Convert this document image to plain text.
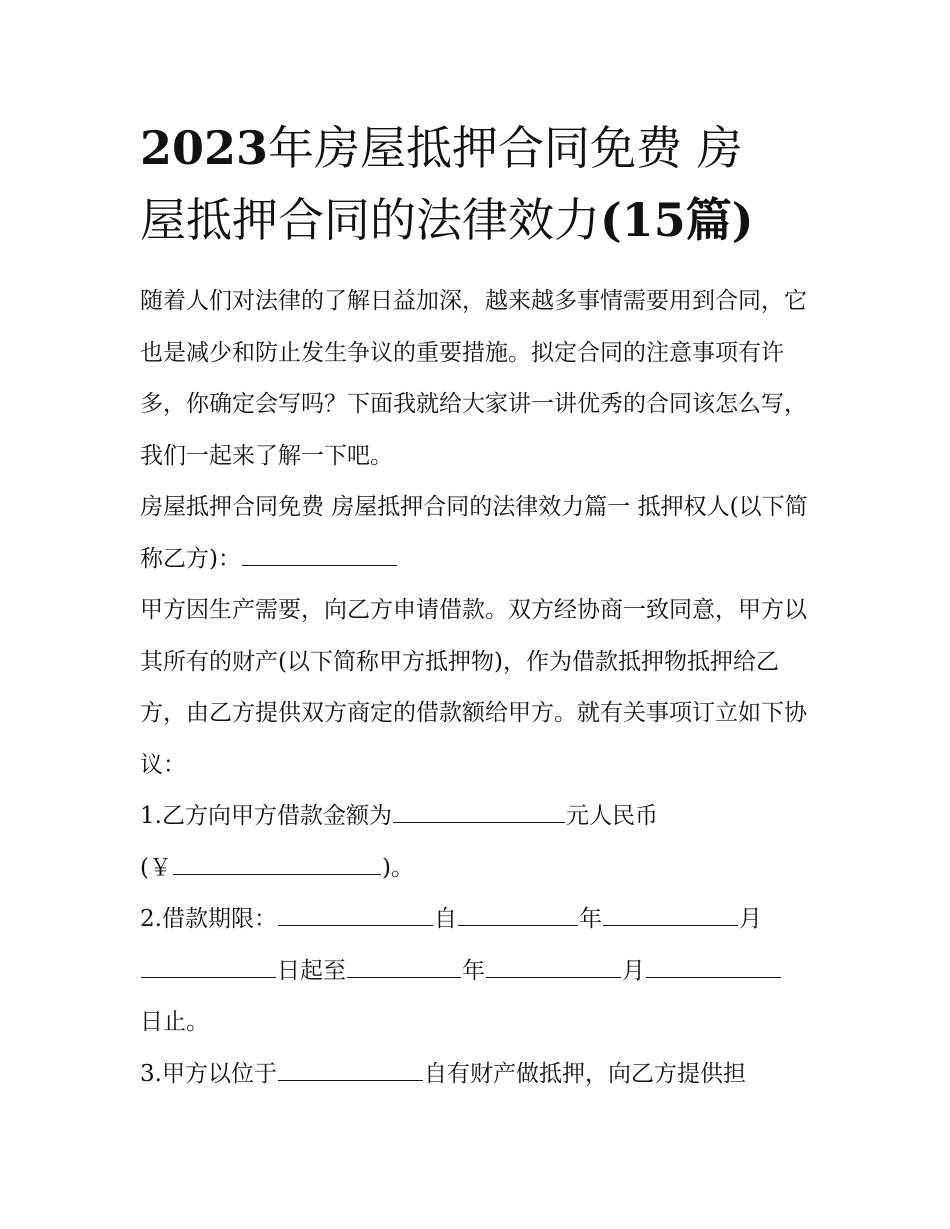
2023年房屋抵押合同免费 房
屋抵押合同的法律效力(15篇)

随着人们对法律的了解日益加深，越来越多事情需要用到合同，它也是减少和防止发生争议的重要措施。拟定合同的注意事项有许多，你确定会写吗？下面我就给大家讲一讲优秀的合同该怎么写，我们一起来了解一下吧。

房屋抵押合同免费 房屋抵押合同的法律效力篇一 抵押权人(以下简称乙方)：

甲方因生产需要，向乙方申请借款。双方经协商一致同意，甲方以其所有的财产(以下简称甲方抵押物)，作为借款抵押物抵押给乙方，由乙方提供双方商定的借款额给甲方。就有关事项订立如下协议：

1.乙方向甲方借款金额为	元人民币
(￥	)。

2.借款期限：	自	年	月
日起至	年	月
日止。

3.甲方以位于	自有财产做抵押，向乙方提供担
